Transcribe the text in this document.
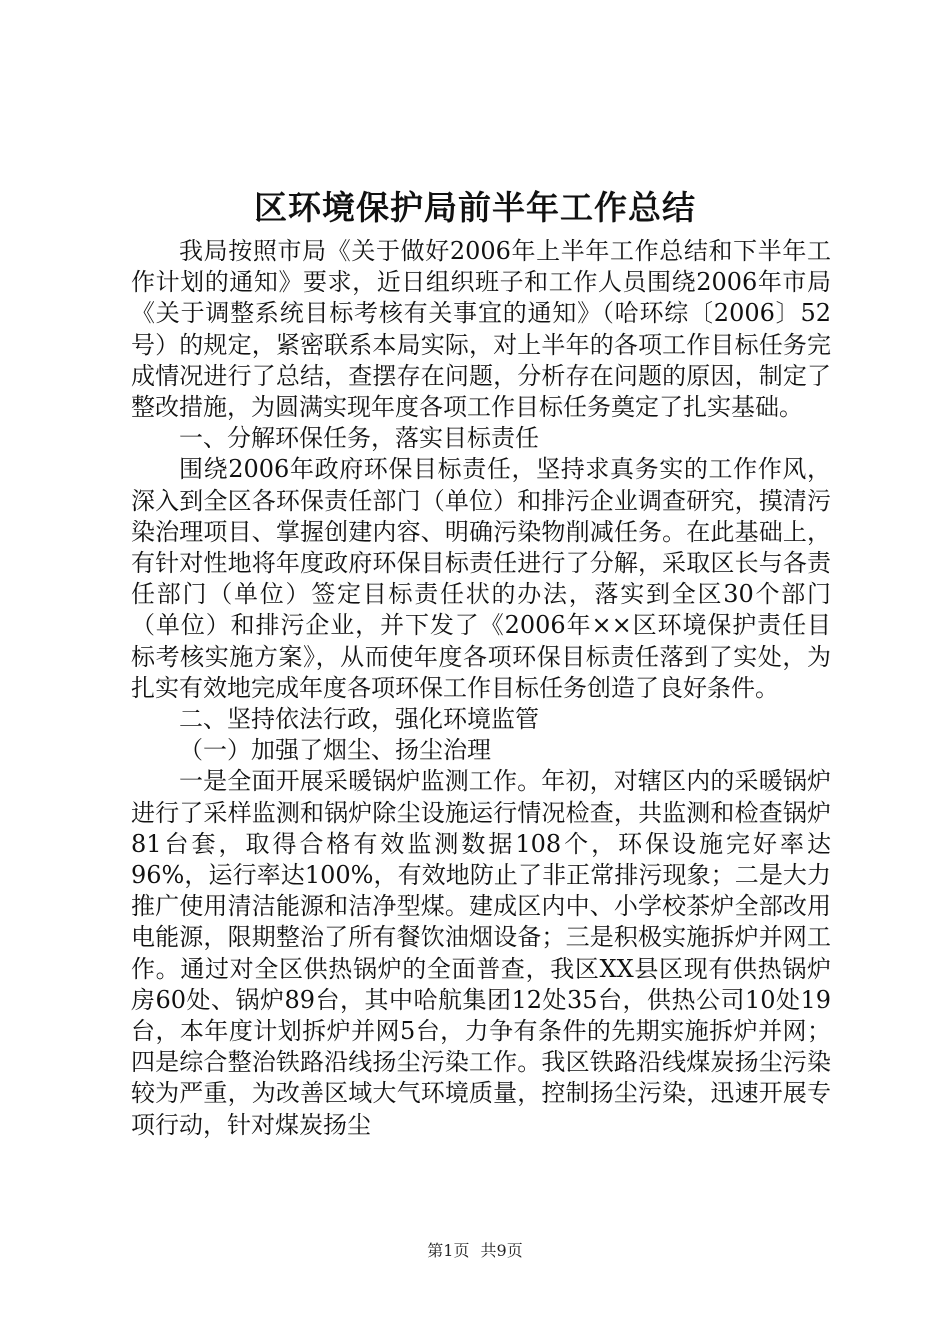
区环境保护局前半年工作总结

我局按照市局《关于做好2006年上半年工作总结和下半年工作计划的通知》要求，近日组织班子和工作人员围绕2006年市局《关于调整系统目标考核有关事宜的通知》（哈环综〔2006〕52号）的规定，紧密联系本局实际，对上半年的各项工作目标任务完成情况进行了总结，查摆存在问题，分析存在问题的原因，制定了整改措施，为圆满实现年度各项工作目标任务奠定了扎实基础。

一、分解环保任务，落实目标责任

围绕2006年政府环保目标责任，坚持求真务实的工作作风，深入到全区各环保责任部门（单位）和排污企业调查研究，摸清污染治理项目、掌握创建内容、明确污染物削减任务。在此基础上，有针对性地将年度政府环保目标责任进行了分解，采取区长与各责任部门（单位）签定目标责任状的办法，落实到全区30个部门（单位）和排污企业，并下发了《2006年××区环境保护责任目标考核实施方案》，从而使年度各项环保目标责任落到了实处，为扎实有效地完成年度各项环保工作目标任务创造了良好条件。

二、坚持依法行政，强化环境监管

（一）加强了烟尘、扬尘治理

一是全面开展采暖锅炉监测工作。年初，对辖区内的采暖锅炉进行了采样监测和锅炉除尘设施运行情况检查，共监测和检查锅炉81台套，取得合格有效监测数据108个，环保设施完好率达96%，运行率达100%，有效地防止了非正常排污现象；二是大力推广使用清洁能源和洁净型煤。建成区内中、小学校茶炉全部改用电能源，限期整治了所有餐饮油烟设备；三是积极实施拆炉并网工作。通过对全区供热锅炉的全面普查，我区XX县区现有供热锅炉房60处、锅炉89台，其中哈航集团12处35台，供热公司10处19台，本年度计划拆炉并网5台，力争有条件的先期实施拆炉并网；四是综合整治铁路沿线扬尘污染工作。我区铁路沿线煤炭扬尘污染较为严重，为改善区域大气环境质量，控制扬尘污染，迅速开展专项行动，针对煤炭扬尘

第1页 共9页
